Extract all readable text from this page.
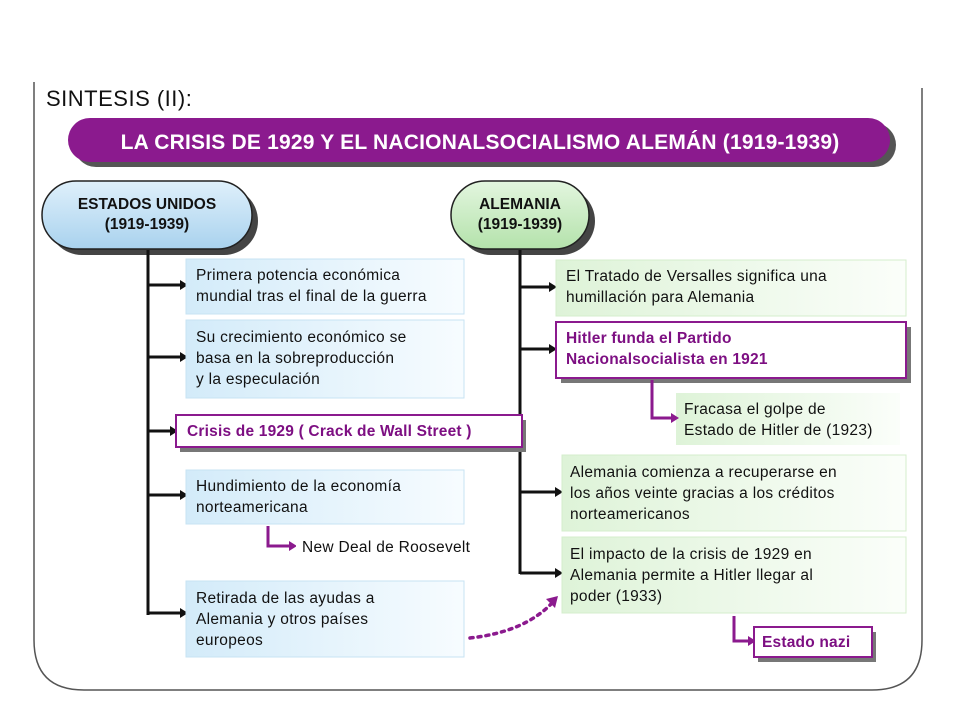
SINTESIS (II):
LA CRISIS DE 1929 Y EL NACIONALSOCIALISMO ALEMÁN (1919-1939)
ESTADOS UNIDOS
(1919-1939)
ALEMANIA
(1919-1939)
Primera potencia económica
mundial tras el final de la guerra
Su crecimiento económico se
basa en la sobreproducción
y la especulación
Crisis de 1929 ( Crack de Wall Street )
Hundimiento de la economía
norteamericana
New Deal de Roosevelt
Retirada de las ayudas a
Alemania y otros países
europeos
El Tratado de Versalles significa una
humillación para Alemania
Hitler funda el Partido
Nacionalsocialista en 1921
Fracasa el golpe de
Estado de Hitler de (1923)
Alemania comienza a recuperarse en
los años veinte gracias a los créditos
norteamericanos
El impacto de la crisis de 1929 en
Alemania permite a Hitler llegar al
poder (1933)
Estado nazi
